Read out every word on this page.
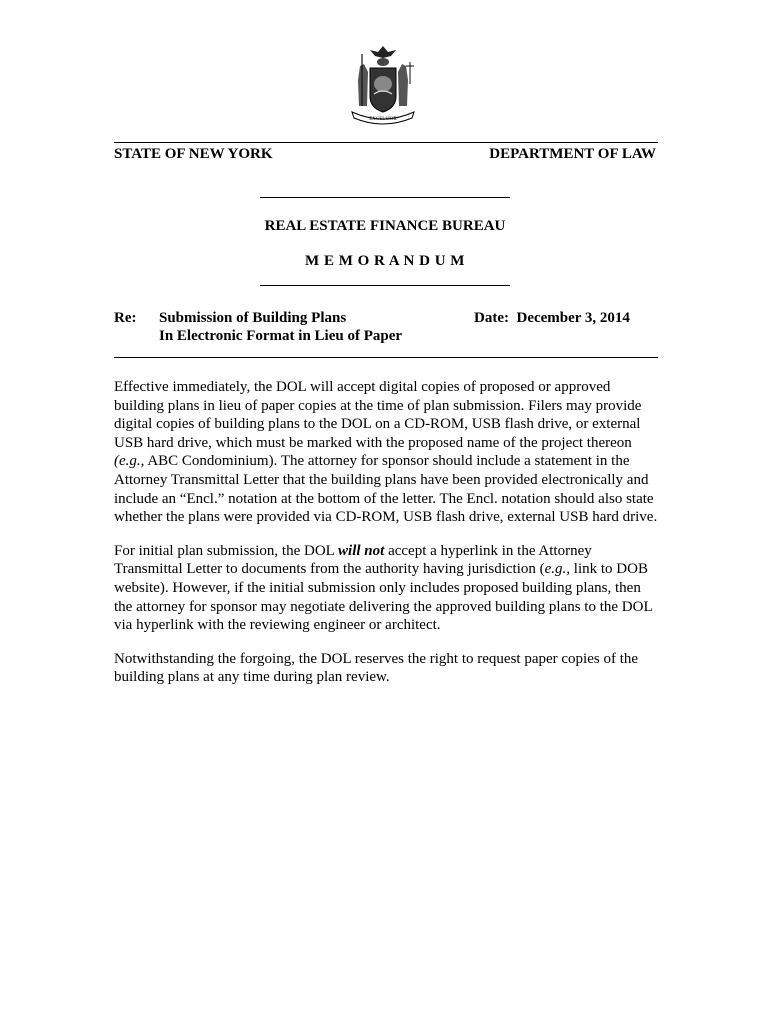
EXCELSIOR
STATE OF NEW YORK	DEPARTMENT OF LAW
REAL ESTATE FINANCE BUREAU
M E M O R A N D U M
Re: Submission of Building Plans
In Electronic Format in Lieu of Paper
Date: December 3, 2014

Effective immediately, the DOL will accept digital copies of proposed or approved building plans in lieu of paper copies at the time of plan submission. Filers may provide digital copies of building plans to the DOL on a CD-ROM, USB flash drive, or external USB hard drive, which must be marked with the proposed name of the project thereon (e.g., ABC Condominium). The attorney for sponsor should include a statement in the Attorney Transmittal Letter that the building plans have been provided electronically and include an “Encl.” notation at the bottom of the letter. The Encl. notation should also state whether the plans were provided via CD-ROM, USB flash drive, external USB hard drive.

For initial plan submission, the DOL will not accept a hyperlink in the Attorney Transmittal Letter to documents from the authority having jurisdiction (e.g., link to DOB website). However, if the initial submission only includes proposed building plans, then the attorney for sponsor may negotiate delivering the approved building plans to the DOL via hyperlink with the reviewing engineer or architect.

Notwithstanding the forgoing, the DOL reserves the right to request paper copies of the building plans at any time during plan review.
